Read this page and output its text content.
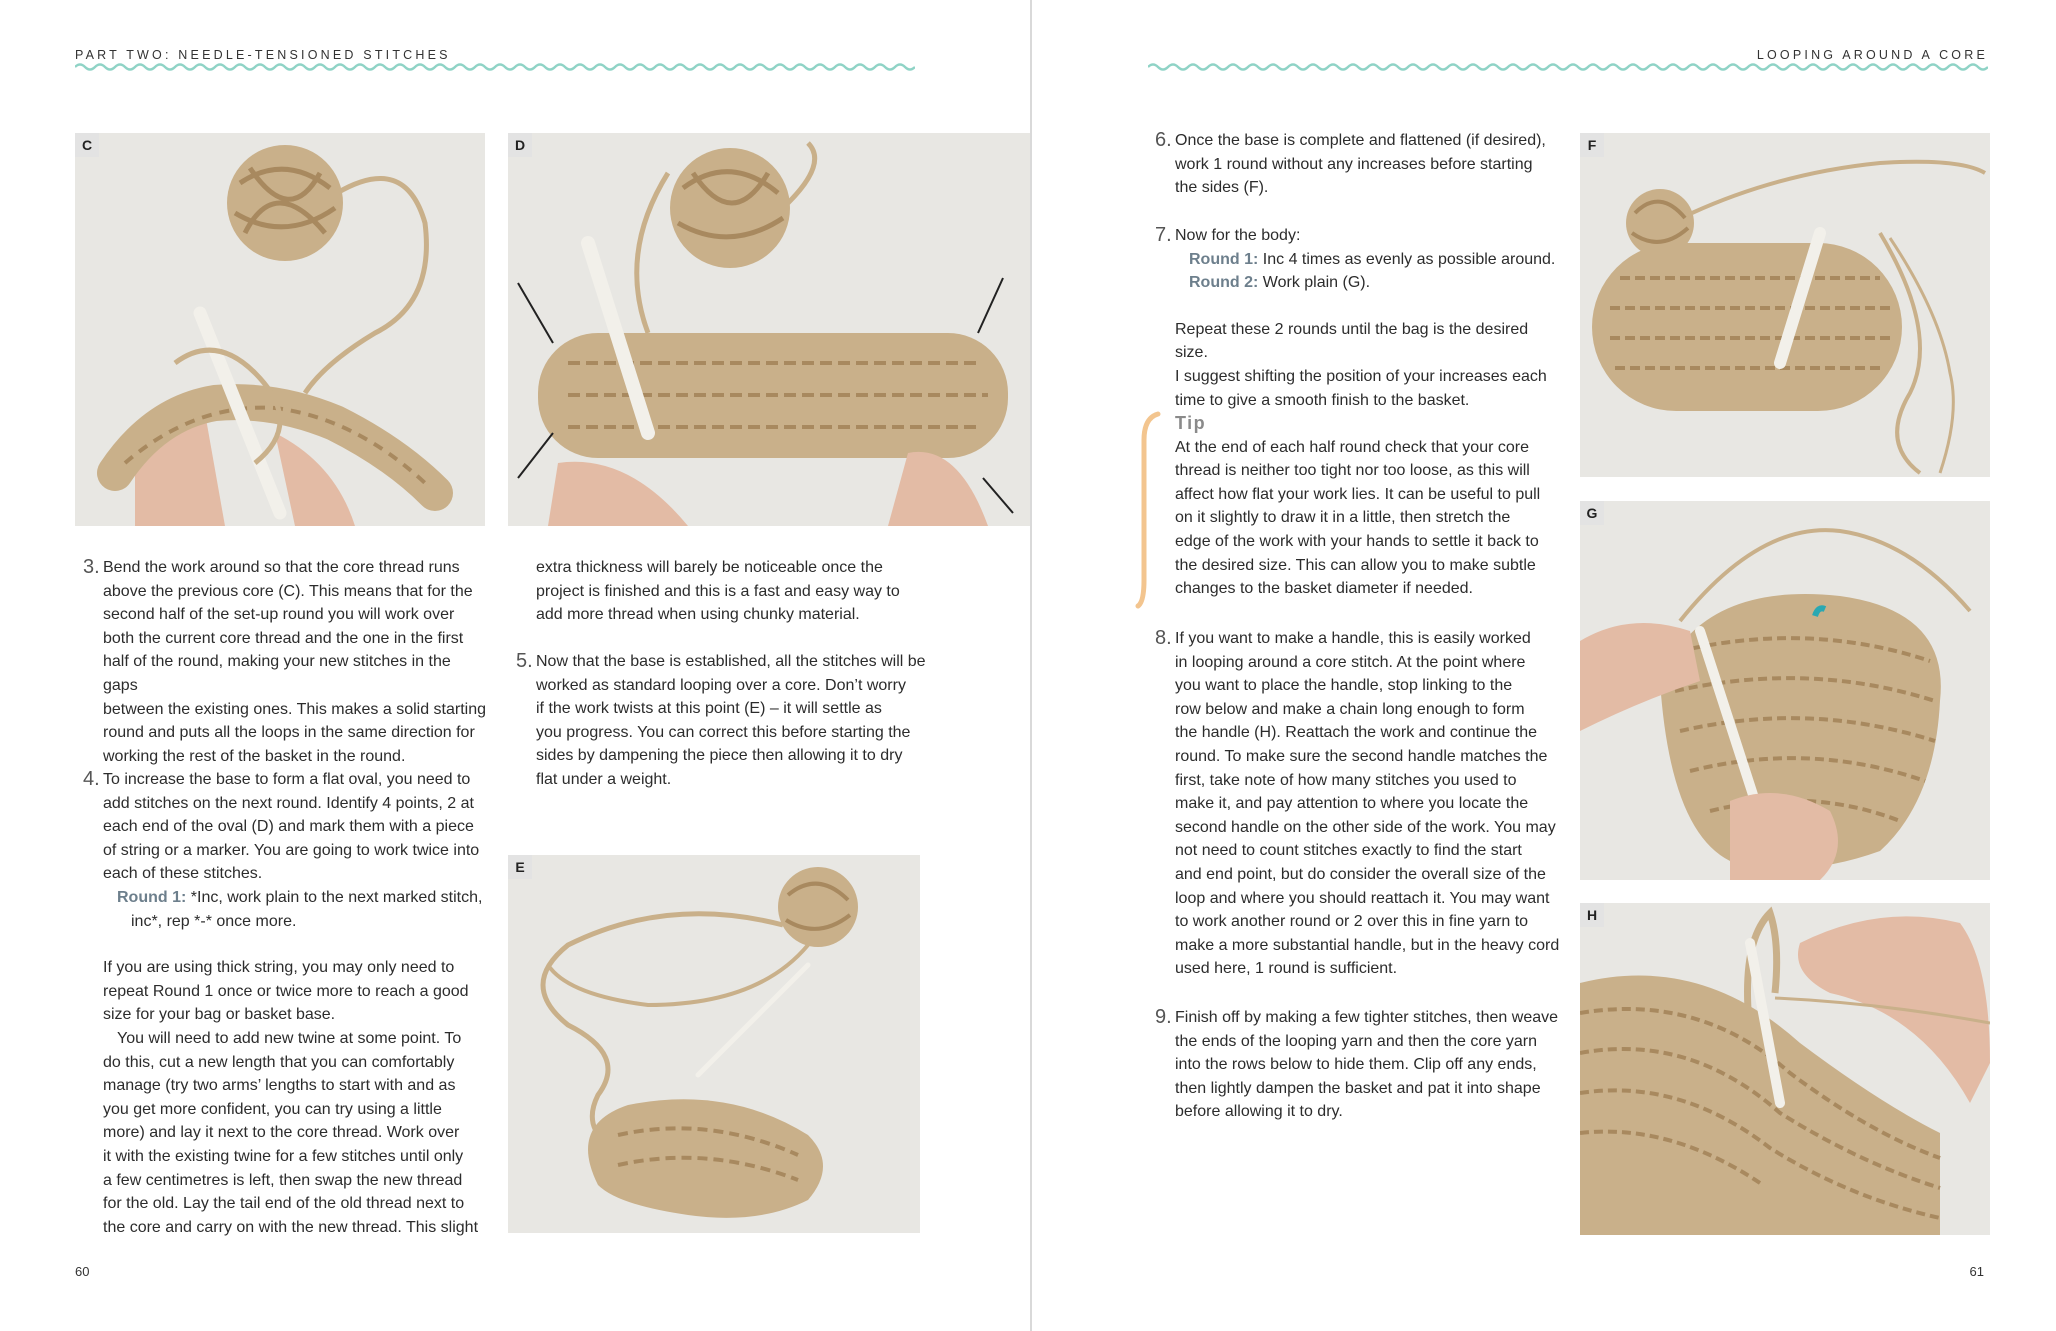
PART TWO: NEEDLE-TENSIONED STITCHES
C	D
3. Bend the work around so that the core thread runs

above the previous core (C). This means that for the

second half of the set-up round you will work over

both the current core thread and the one in the first

half of the round, making your new stitches in the gaps

between the existing ones. This makes a solid starting

round and puts all the loops in the same direction for

working the rest of the basket in the round.

4. To increase the base to form a flat oval, you need to

add stitches on the next round. Identify 4 points, 2 at

each end of the oval (D) and mark them with a piece

of string or a marker. You are going to work twice into

each of these stitches.

Round 1: *Inc, work plain to the next marked stitch,

inc*, rep *-* once more.

If you are using thick string, you may only need to

repeat Round 1 once or twice more to reach a good

size for your bag or basket base.

You will need to add new twine at some point. To

do this, cut a new length that you can comfortably

manage (try two arms’ lengths to start with and as

you get more confident, you can try using a little

more) and lay it next to the core thread. Work over

it with the existing twine for a few stitches until only

a few centimetres is left, then swap the new thread

for the old. Lay the tail end of the old thread next to

the core and carry on with the new thread. This slight

extra thickness will barely be noticeable once the

project is finished and this is a fast and easy way to

add more thread when using chunky material.

5. Now that the base is established, all the stitches will be

worked as standard looping over a core. Don’t worry

if the work twists at this point (E) – it will settle as

you progress. You can correct this before starting the

sides by dampening the piece then allowing it to dry

flat under a weight.

E
60
LOOPING AROUND A CORE
6. Once the base is complete and flattened (if desired),

work 1 round without any increases before starting

the sides (F).

7. Now for the body:

Round 1: Inc 4 times as evenly as possible around.

Round 2: Work plain (G).

Repeat these 2 rounds until the bag is the desired size.

I suggest shifting the position of your increases each

time to give a smooth finish to the basket.

Tip

At the end of each half round check that your core

thread is neither too tight nor too loose, as this will

affect how flat your work lies. It can be useful to pull

on it slightly to draw it in a little, then stretch the

edge of the work with your hands to settle it back to

the desired size. This can allow you to make subtle

changes to the basket diameter if needed.

8. If you want to make a handle, this is easily worked

in looping around a core stitch. At the point where

you want to place the handle, stop linking to the

row below and make a chain long enough to form

the handle (H). Reattach the work and continue the

round. To make sure the second handle matches the

first, take note of how many stitches you used to

make it, and pay attention to where you locate the

second handle on the other side of the work. You may

not need to count stitches exactly to find the start

and end point, but do consider the overall size of the

loop and where you should reattach it. You may want

to work another round or 2 over this in fine yarn to

make a more substantial handle, but in the heavy cord

used here, 1 round is sufficient.

9. Finish off by making a few tighter stitches, then weave

the ends of the looping yarn and then the core yarn

into the rows below to hide them. Clip off any ends,

then lightly dampen the basket and pat it into shape

before allowing it to dry.

F
G
H
61
